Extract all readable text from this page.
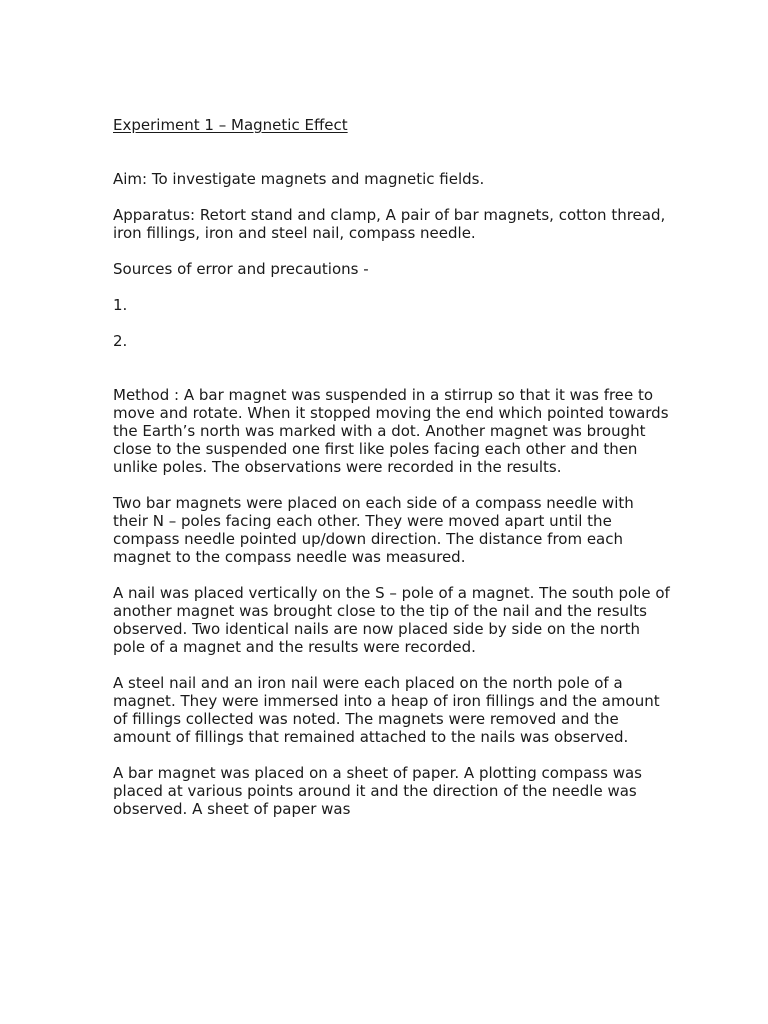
Experiment 1 – Magnetic Effect

Aim: To investigate magnets and magnetic fields.

Apparatus: Retort stand and clamp, A pair of bar magnets, cotton thread, iron fillings, iron and steel nail, compass needle.

Sources of error and precautions -

1.

2.

Method : A bar magnet was suspended in a stirrup so that it was free to move and rotate. When it stopped moving the end which pointed towards the Earth’s north was marked with a dot. Another magnet was brought close to the suspended one first like poles facing each other and then unlike poles. The observations were recorded in the results.

Two bar magnets were placed on each side of a compass needle with their N – poles facing each other. They were moved apart until the compass needle pointed up/down direction. The distance from each magnet to the compass needle was measured.

A nail was placed vertically on the S – pole of a magnet. The south pole of another magnet was brought close to the tip of the nail and the results observed. Two identical nails are now placed side by side on the north pole of a magnet and the results were recorded.

A steel nail and an iron nail were each placed on the north pole of a magnet. They were immersed into a heap of iron fillings and the amount of fillings collected was noted. The magnets were removed and the amount of fillings that remained attached to the nails was observed.

A bar magnet was placed on a sheet of paper. A plotting compass was placed at various points around it and the direction of the needle was observed. A sheet of paper was
